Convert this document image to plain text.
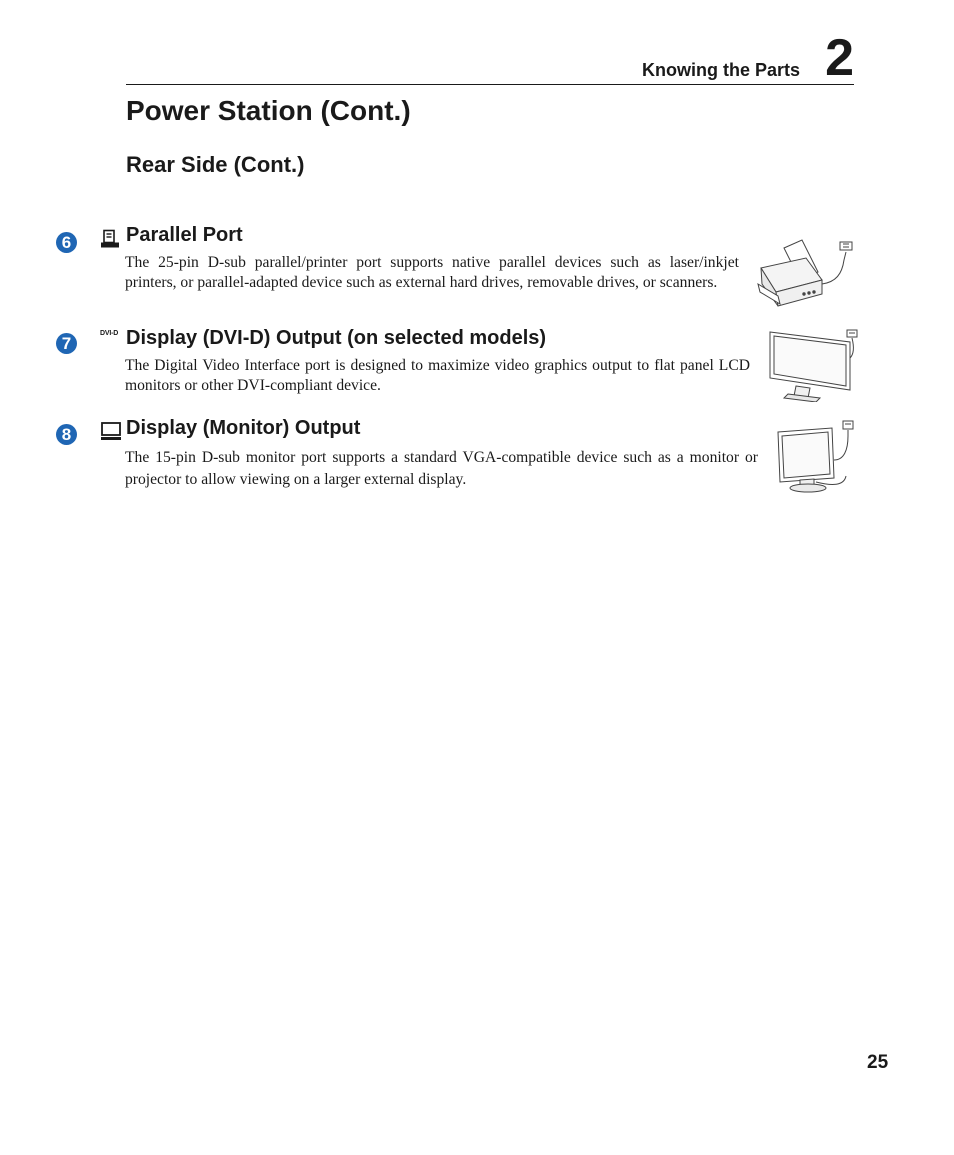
Knowing the Parts 2
Power Station (Cont.)
Rear Side (Cont.)
6	Parallel Port

The 25-pin D-sub parallel/printer port supports native parallel devices such as laser/inkjet printers, or parallel-adapted device such as external hard drives, removable drives, or scanners.

7
DVI-D Display (DVI-D) Output (on selected models)

The Digital Video Interface port is designed to maximize video graphics output to flat panel LCD monitors or other DVI-compliant device.

8	Display (Monitor) Output

The 15-pin D-sub monitor port supports a standard VGA-compatible device such as a monitor or projector to allow viewing on a larger external display.

25
